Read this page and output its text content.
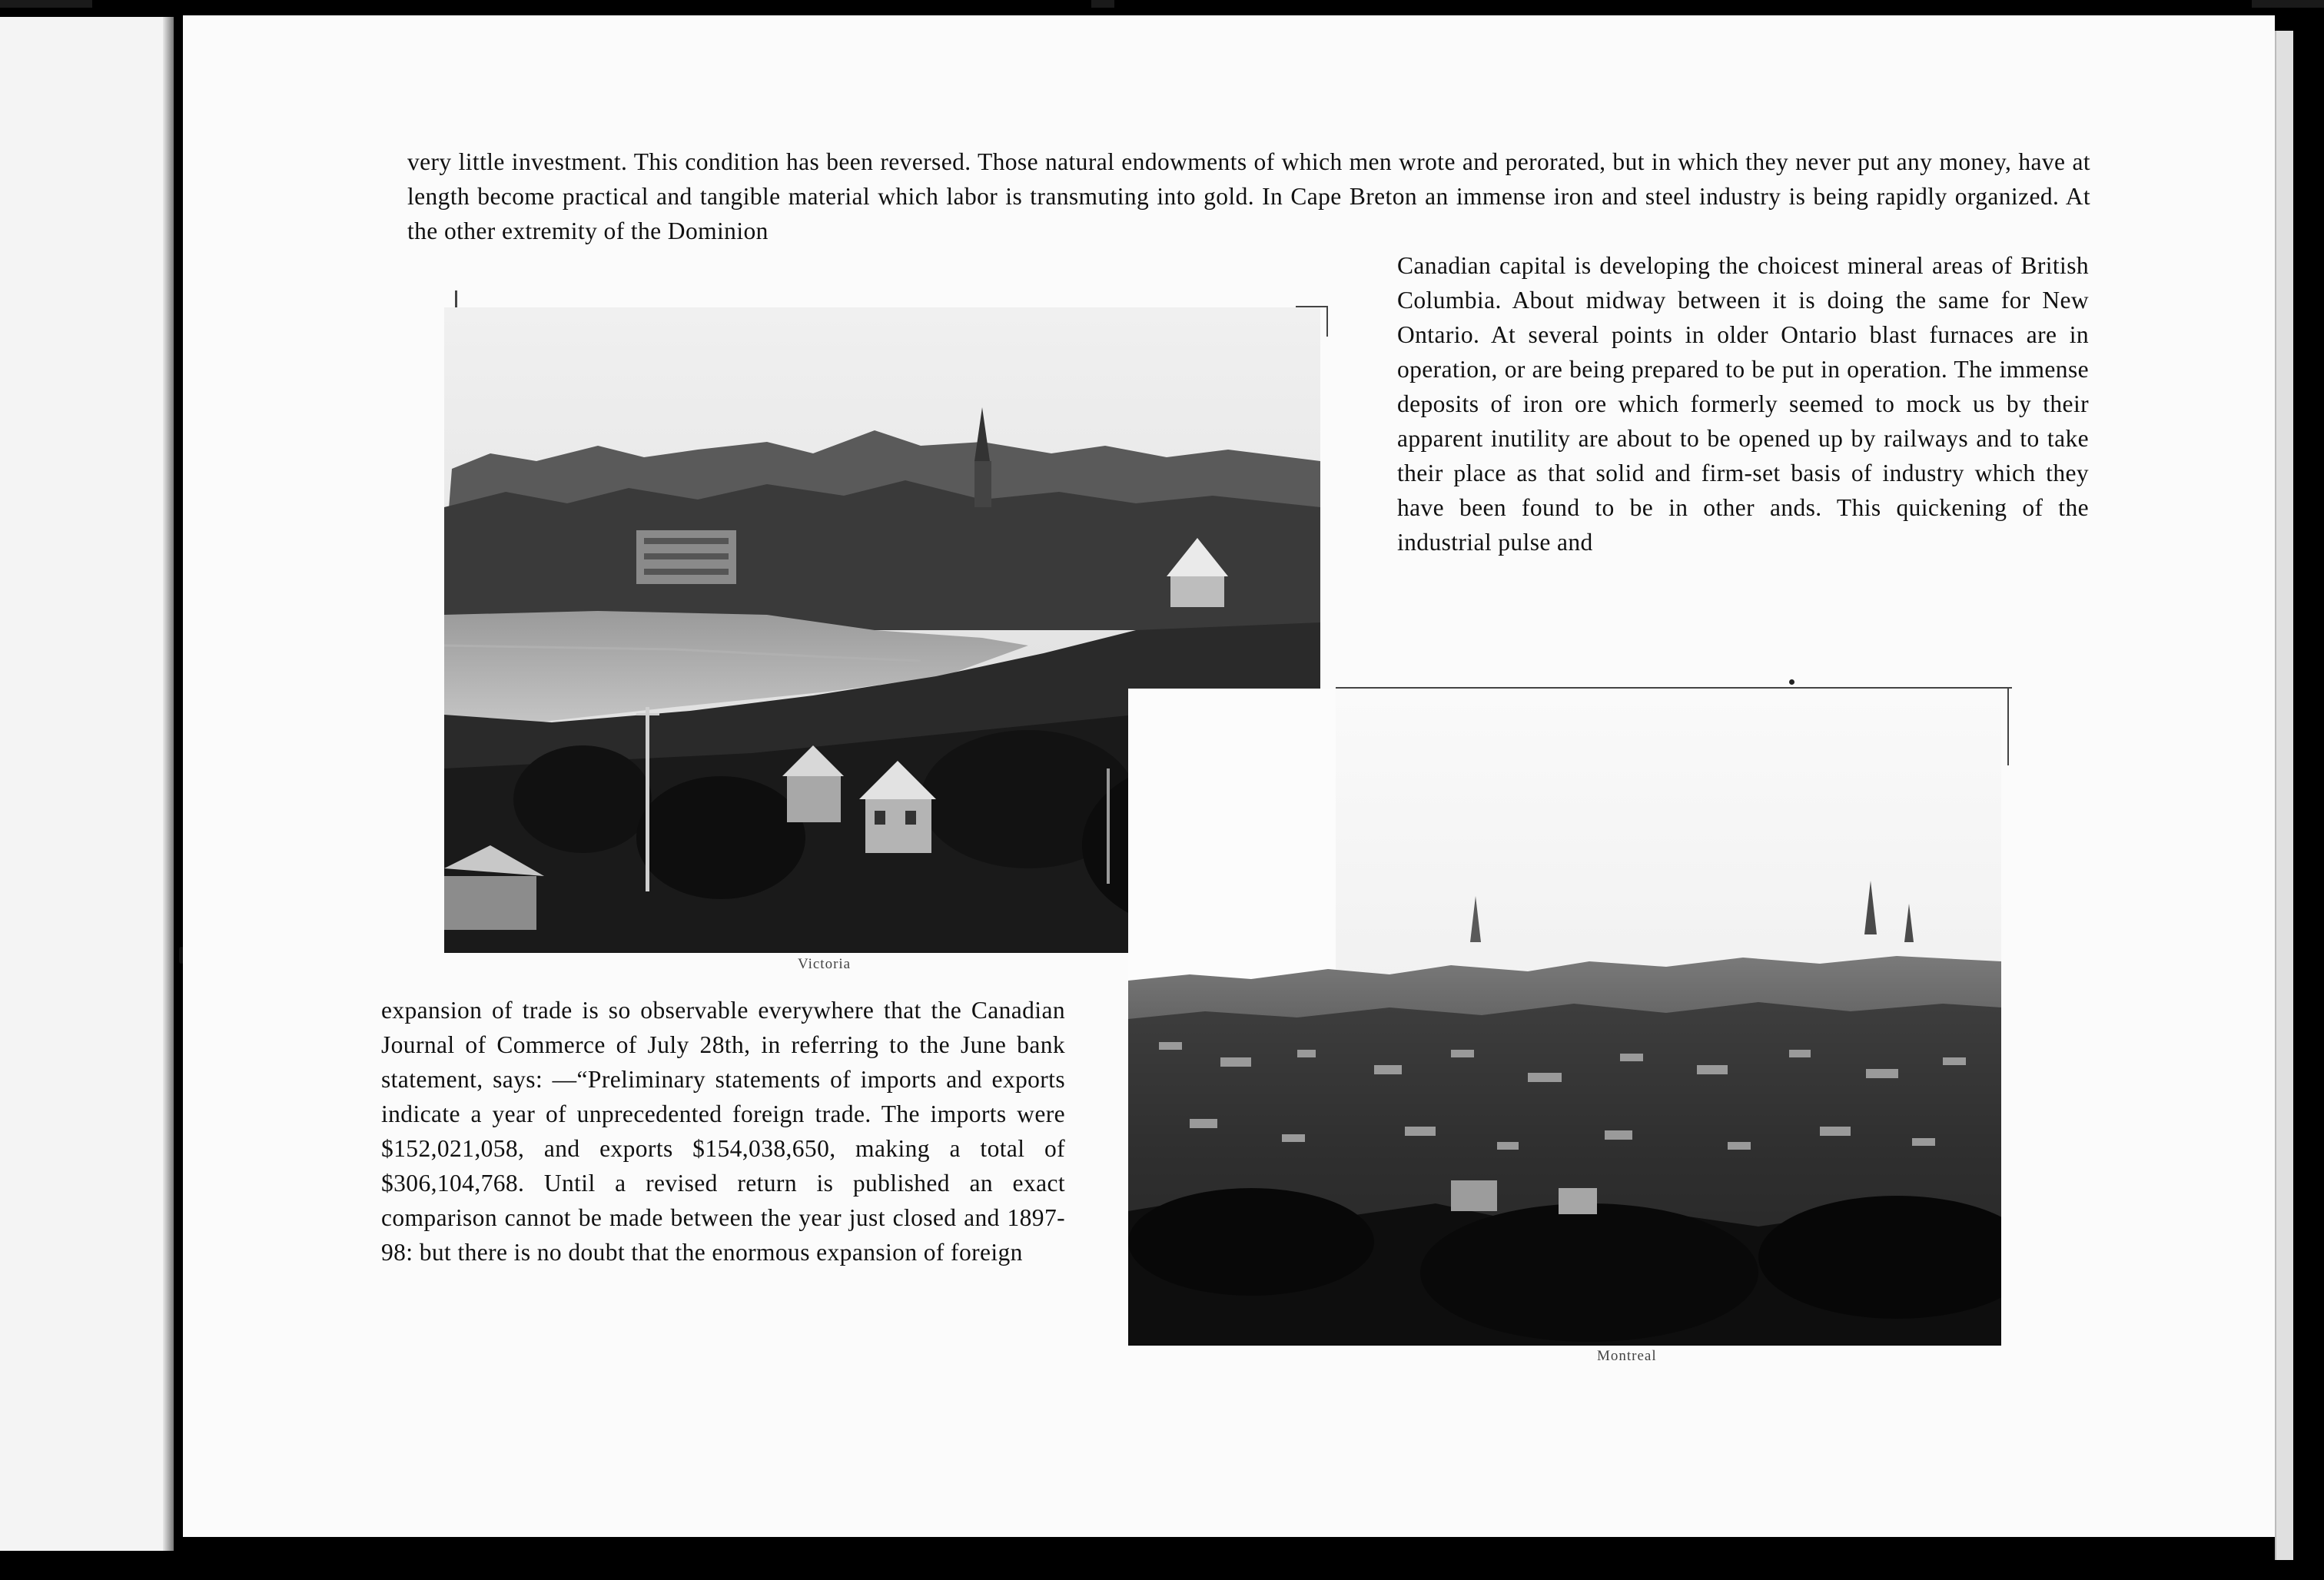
very little investment. This condition has been reversed. Those natural endowments of which men wrote and perorated, but in which they never put any money, have at length become practical and tangible material which labor is transmuting into gold. In Cape Breton an immense iron and steel industry is being rapidly organized. At the other extremity of the Dominion

Canadian capital is developing the choicest mineral areas of British Columbia. About midway between it is doing the same for New Ontario. At several points in older Ontario blast furnaces are in operation, or are being prepared to be put in operation. The immense deposits of iron ore which formerly seemed to mock us by their apparent inutility are about to be opened up by railways and to take their place as that solid and firm-set basis of industry which they have been found to be in other ands. This quickening of the industrial pulse and

expansion of trade is so observable everywhere that the Canadian Journal of Commerce of July 28th, in referring to the June bank statement, says: —“Preliminary statements of imports and exports indicate a year of unprecedented foreign trade. The imports were $152,021,058, and exports $154,038,650, making a total of $306,104,768. Until a revised return is published an exact comparison cannot be made between the year just closed and 1897-98: but there is no doubt that the enormous expansion of foreign

Victoria

Montreal
